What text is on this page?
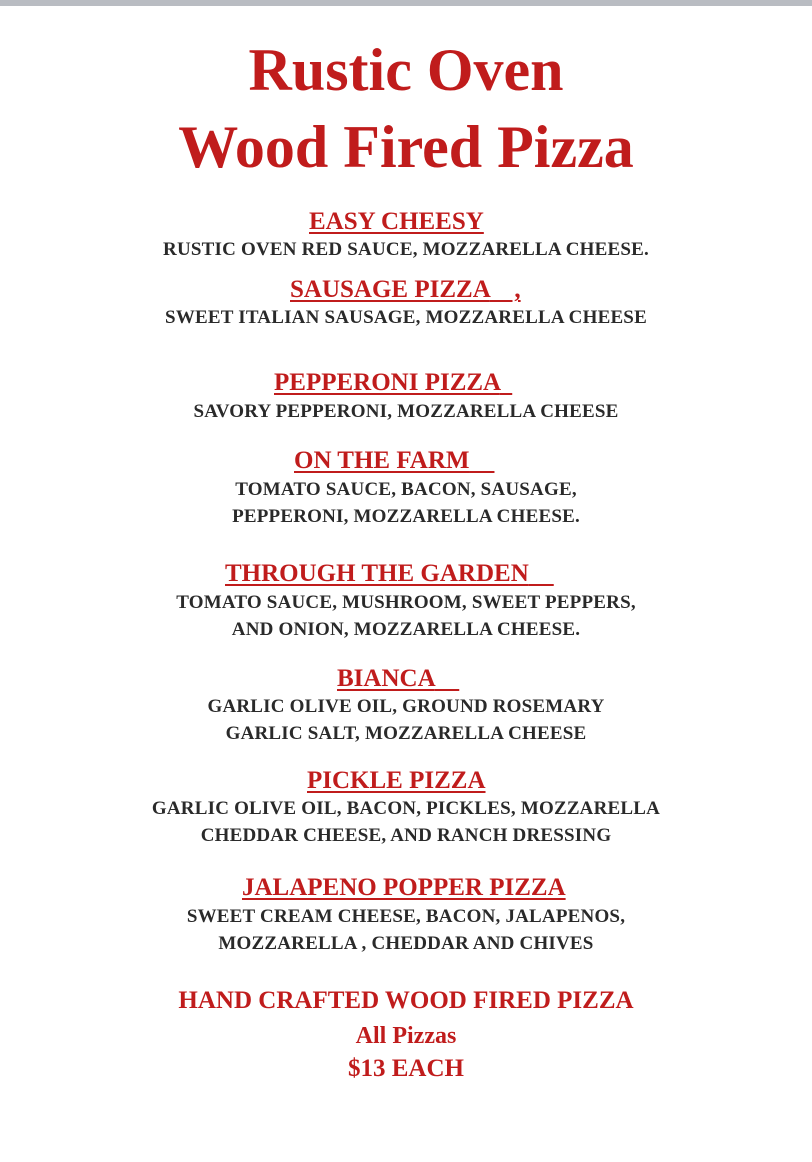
Rustic Oven
Wood Fired Pizza
EASY CHEESY
RUSTIC OVEN RED SAUCE, MOZZARELLA CHEESE.
SAUSAGE PIZZA    ,
SWEET ITALIAN SAUSAGE, MOZZARELLA CHEESE
PEPPERONI PIZZA
SAVORY PEPPERONI, MOZZARELLA CHEESE
ON THE FARM
TOMATO SAUCE, BACON, SAUSAGE,
PEPPERONI, MOZZARELLA CHEESE.
THROUGH THE GARDEN
TOMATO SAUCE, MUSHROOM, SWEET PEPPERS,
AND ONION, MOZZARELLA CHEESE.
BIANCA
GARLIC OLIVE OIL, GROUND ROSEMARY
GARLIC SALT, MOZZARELLA CHEESE
PICKLE PIZZA
GARLIC OLIVE OIL, BACON, PICKLES, MOZZARELLA
CHEDDAR CHEESE, AND RANCH DRESSING
JALAPENO POPPER PIZZA
SWEET CREAM CHEESE, BACON, JALAPENOS,
MOZZARELLA , CHEDDAR AND CHIVES
HAND CRAFTED WOOD FIRED PIZZA
All Pizzas
$13 EACH
